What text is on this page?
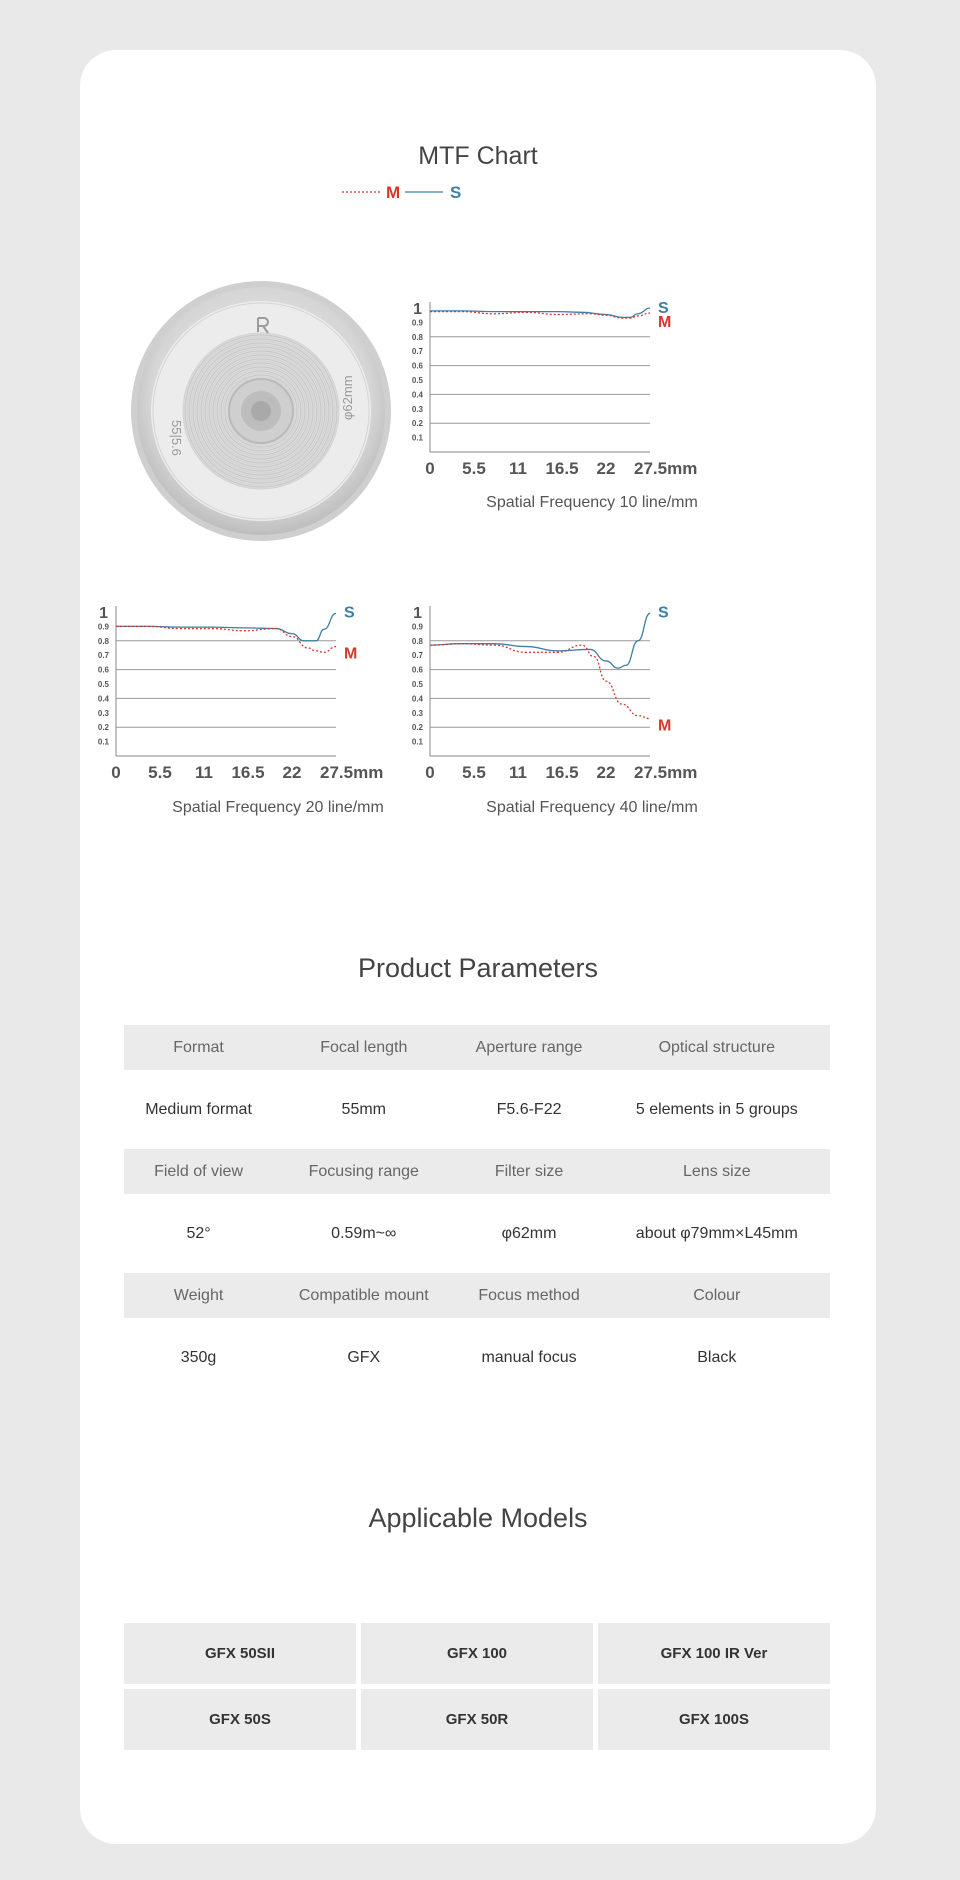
MTF Chart
M	S
55|5.6
φ62mm
0.1
0.2
0.3
0.4
0.5
0.6
0.7
0.8
0.9
1
0 5.5 11 16.5 22 27.5mm
S
M
Spatial Frequency 10 line/mm
0.1
0.2
0.3
0.4
0.5
0.6
0.7
0.8
0.9
1
0 5.5 11 16.5 22 27.5mm
S
M
Spatial Frequency 20 line/mm
0.1
0.2
0.3
0.4
0.5
0.6
0.7
0.8
0.9
1
0 5.5 11 16.5 22 27.5mm
S
M
Spatial Frequency 40 line/mm
Product Parameters
Format	Focal length	Aperture range	Optical structure
Medium format	55mm	F5.6-F22	5 elements in 5 groups
Field of view	Focusing range	Filter size	Lens size
52°	0.59m~∞	φ62mm	about φ79mm×L45mm
Weight	Compatible mount	Focus method	Colour
350g	GFX	manual focus	Black
Applicable Models
GFX 50SII	GFX 100	GFX 100 IR Ver
GFX 50S	GFX 50R	GFX 100S
